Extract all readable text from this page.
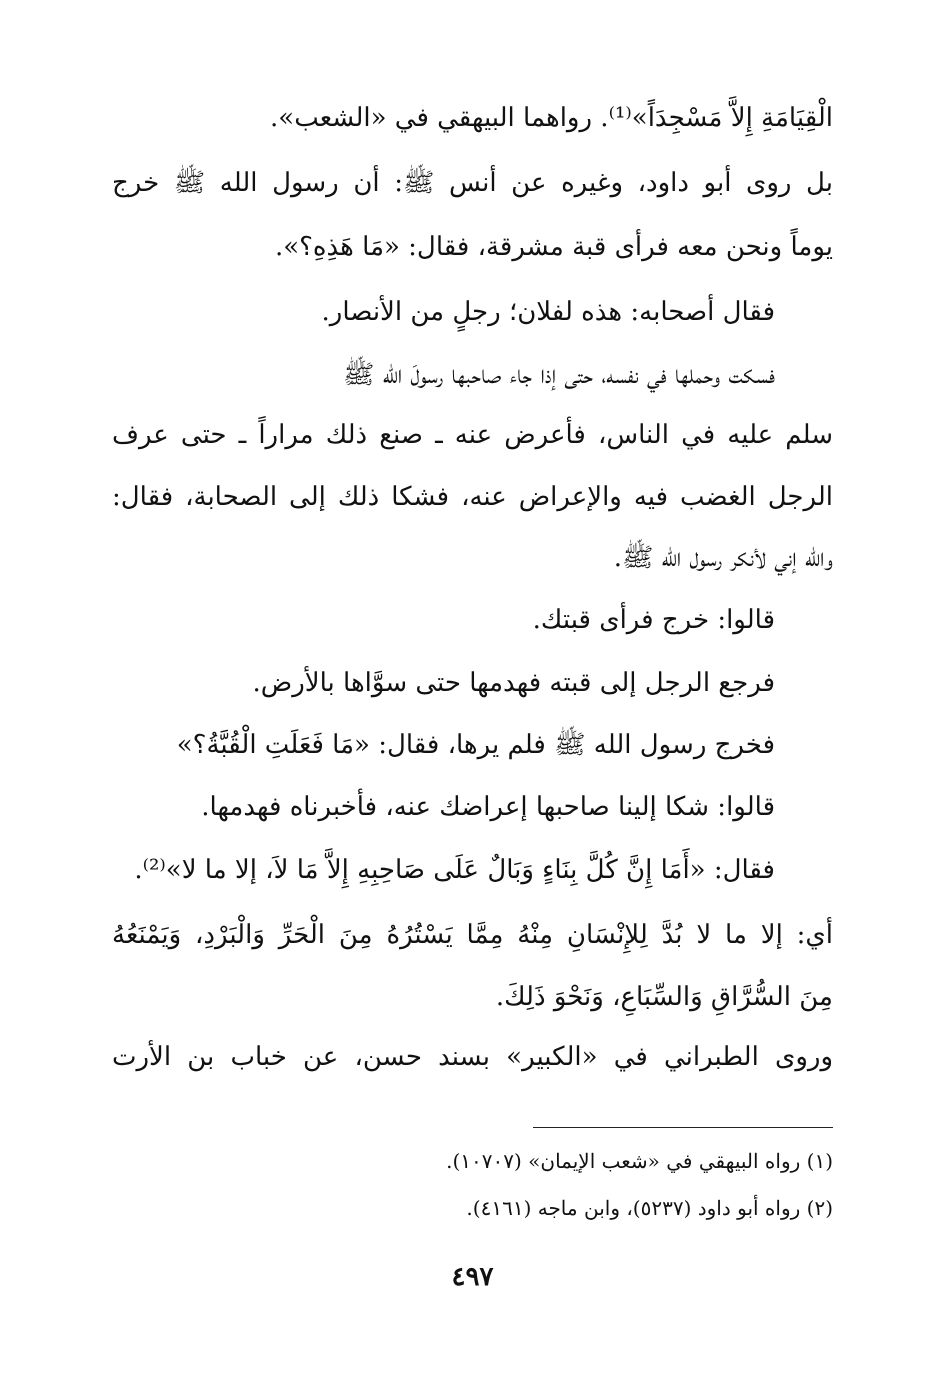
الْقِيَامَةِ إِلاَّ مَسْجِدَاً»⁽¹⁾. رواهما البيهقي في «الشعب».
بل روى أبو داود، وغيره عن أنس ﷺ: أن رسول الله ﷺ خرج
يوماً ونحن معه فرأى قبة مشرقة، فقال: «مَا هَذِهِ؟».
فقال أصحابه: هذه لفلان؛ رجلٍ من الأنصار.
فسكت وحملها في نفسه، حتى إذا جاء صاحبها رسولَ الله ﷺ
سلم عليه في الناس، فأعرض عنه ـ صنع ذلك مراراً ـ حتى عرف
الرجل الغضب فيه والإعراض عنه، فشكا ذلك إلى الصحابة، فقال:
والله إني لأنكر رسول الله ﷺ.
قالوا: خرج فرأى قبتك.
فرجع الرجل إلى قبته فهدمها حتى سوَّاها بالأرض.
فخرج رسول الله ﷺ فلم يرها، فقال: «مَا فَعَلَتِ الْقُبَّةُ؟»
قالوا: شكا إلينا صاحبها إعراضك عنه، فأخبرناه فهدمها.
فقال: «أَمَا إِنَّ كُلَّ بِنَاءٍ وَبَالٌ عَلَى صَاحِبِهِ إِلاَّ مَا لاَ، إلا ما لا»⁽²⁾.
أي: إلا ما لا بُدَّ لِلإِنْسَانِ مِنْهُ مِمَّا يَسْتُرُهُ مِنَ الْحَرِّ وَالْبَرْدِ، وَيَمْنَعُهُ
مِنَ السُّرَّاقِ وَالسِّبَاعِ، وَنَحْوَ ذَلِكَ.
وروى الطبراني في «الكبير» بسند حسن، عن خباب بن الأرت
(١) رواه البيهقي في «شعب الإيمان» (١٠٧٠٧).
(٢) رواه أبو داود (٥٢٣٧)، وابن ماجه (٤١٦١).
٤٩٧
